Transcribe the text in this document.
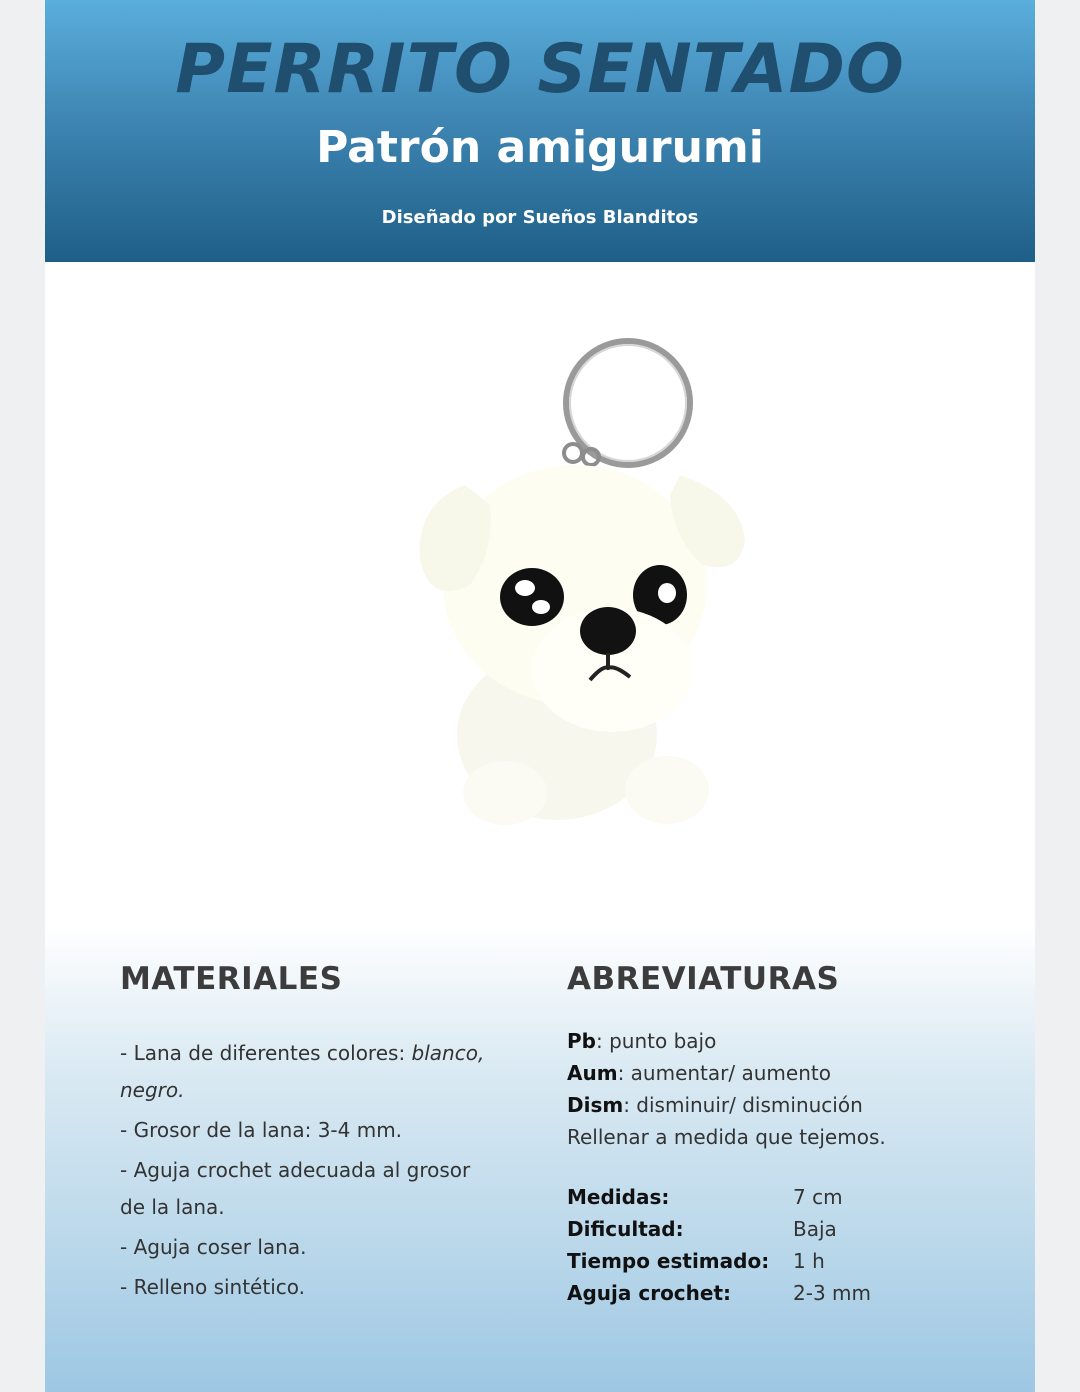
PERRITO SENTADO
Patrón amigurumi

Diseñado por Sueños Blanditos

MATERIALES
- Lana de diferentes colores: blanco, negro.
- Grosor de la lana: 3-4 mm.
- Aguja crochet adecuada al grosor de la lana.
- Aguja coser lana.
- Relleno sintético.
ABREVIATURAS
Pb: punto bajo
Aum: aumentar/ aumento
Dism: disminuir/ disminución
Rellenar a medida que tejemos.
Medidas:	7 cm
Dificultad:	Baja
Tiempo estimado:	1 h
Aguja crochet:	2-3 mm
